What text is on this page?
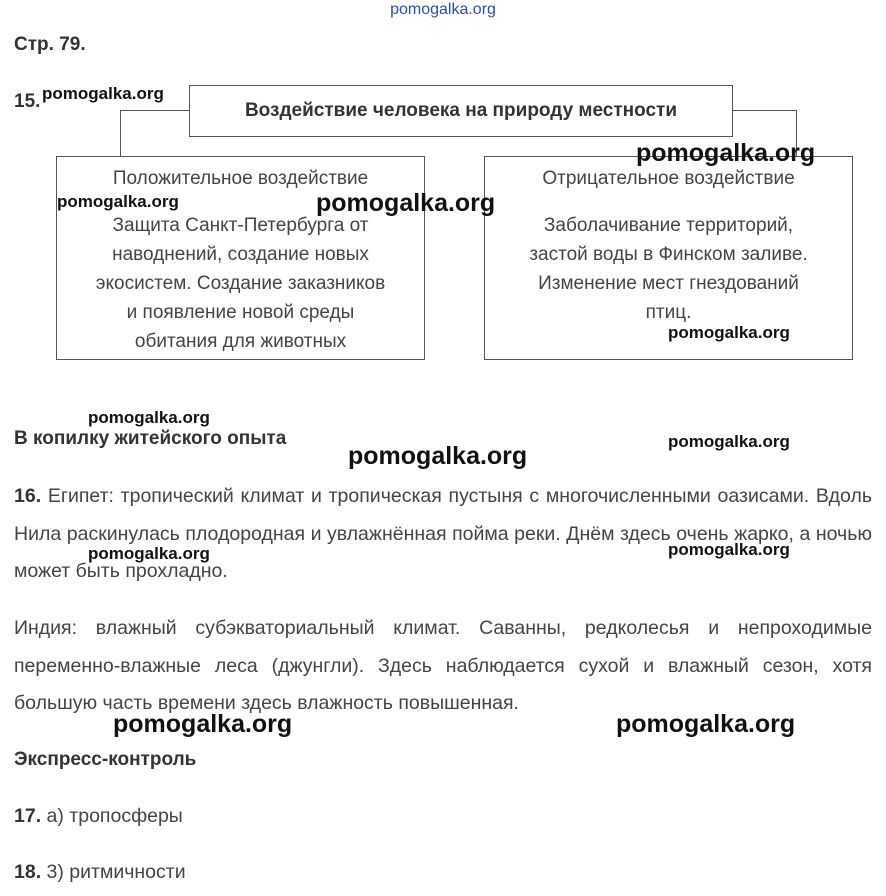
pomogalka.org
Стр. 79.
Воздействие человека на природу местности
Положительное воздействие
Защита Санкт-Петербурга от
наводнений, создание новых
экосистем. Создание заказников
и появление новой среды
обитания для животных
Отрицательное воздействие
Заболачивание территорий,
застой воды в Финском заливе.
Изменение мест гнездований
птиц.
15.
В копилку житейского опыта
16. Египет: тропический климат и тропическая пустыня с многочисленными оазисами. Вдоль Нила раскинулась плодородная и увлажнённая пойма реки. Днём здесь очень жарко, а ночью может быть прохладно.
Индия: влажный субэкваториальный климат. Саванны, редколесья и непроходимые переменно-влажные леса (джунгли). Здесь наблюдается сухой и влажный сезон, хотя большую часть времени здесь влажность повышенная.
Экспресс-контроль
17. а) тропосферы
18. 3) ритмичности
pomogalka.org
pomogalka.org
pomogalka.org	pomogalka.org
pomogalka.org
pomogalka.org
pomogalka.org
pomogalka.org
pomogalka.org	pomogalka.org
pomogalka.org	pomogalka.org
